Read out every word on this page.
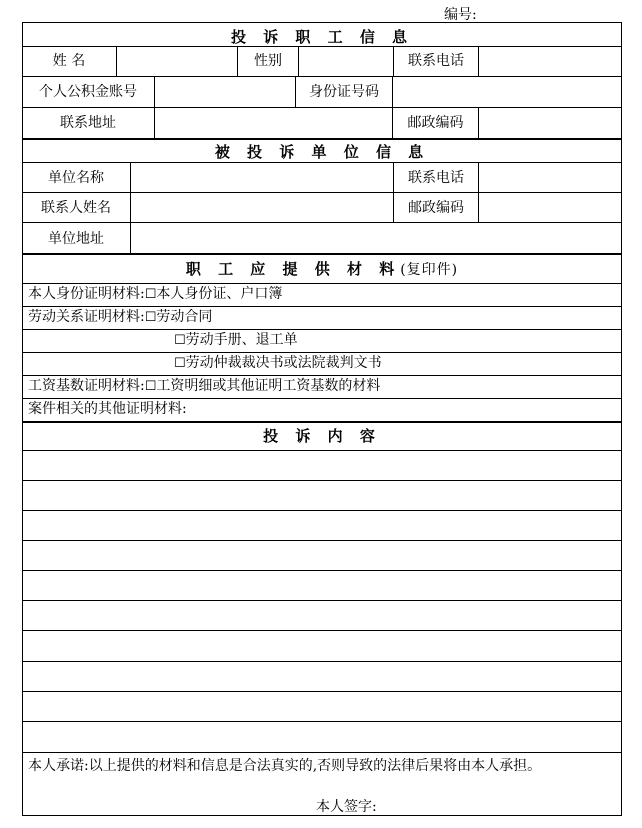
编号:
投 诉 职 工 信 息
姓 名	性别	联系电话
个人公积金账号	身份证号码
联系地址	邮政编码
被 投 诉 单 位 信 息
单位名称	联系电话
联系人姓名	邮政编码
单位地址
职 工 应 提 供 材 料(复印件)
本人身份证明材料:☐本人身份证、户口簿
劳动关系证明材料:☐劳动合同
☐劳动手册、退工单
☐劳动仲裁裁决书或法院裁判文书
工资基数证明材料:☐工资明细或其他证明工资基数的材料
案件相关的其他证明材料:
投 诉 内 容
本人承诺:以上提供的材料和信息是合法真实的,否则导致的法律后果将由本人承担。
本人签字:
